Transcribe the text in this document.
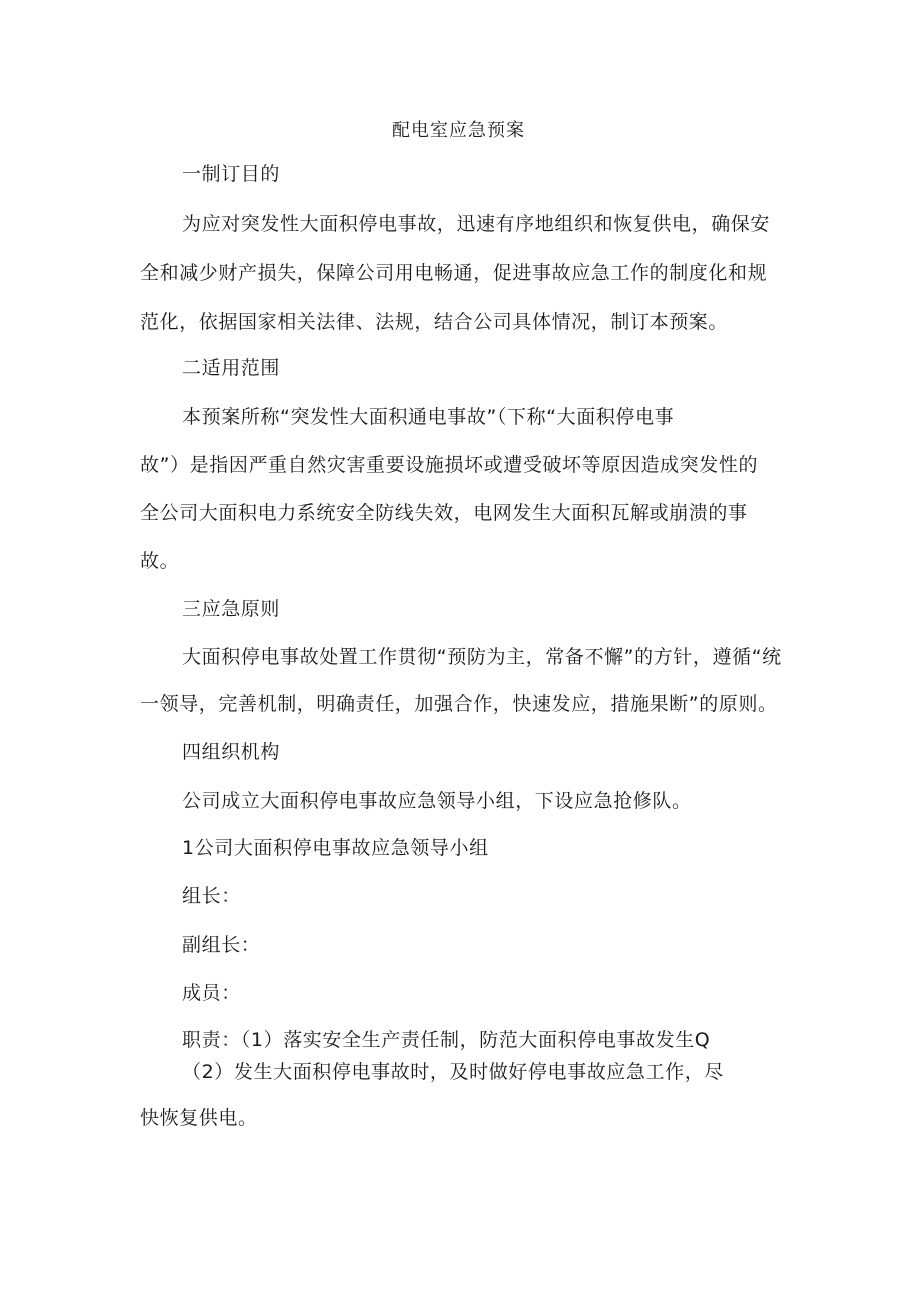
配电室应急预案
一制订目的
为应对突发性大面积停电事故，迅速有序地组织和恢复供电，确保安
全和减少财产损失，保障公司用电畅通，促进事故应急工作的制度化和规
范化，依据国家相关法律、法规，结合公司具体情况，制订本预案。
二适用范围
本预案所称“突发性大面积通电事故”（下称“大面积停电事
故”）是指因严重自然灾害重要设施损坏或遭受破坏等原因造成突发性的
全公司大面积电力系统安全防线失效，电网发生大面积瓦解或崩溃的事
故。
三应急原则
大面积停电事故处置工作贯彻“预防为主，常备不懈”的方针，遵循“统
一领导，完善机制，明确责任，加强合作，快速发应，措施果断”的原则。
四组织机构
公司成立大面积停电事故应急领导小组，下设应急抢修队。
1公司大面积停电事故应急领导小组
组长：
副组长：
成员：
职责：（1）落实安全生产责任制，防范大面积停电事故发生Q
（2）发生大面积停电事故时，及时做好停电事故应急工作，尽
快恢复供电。
